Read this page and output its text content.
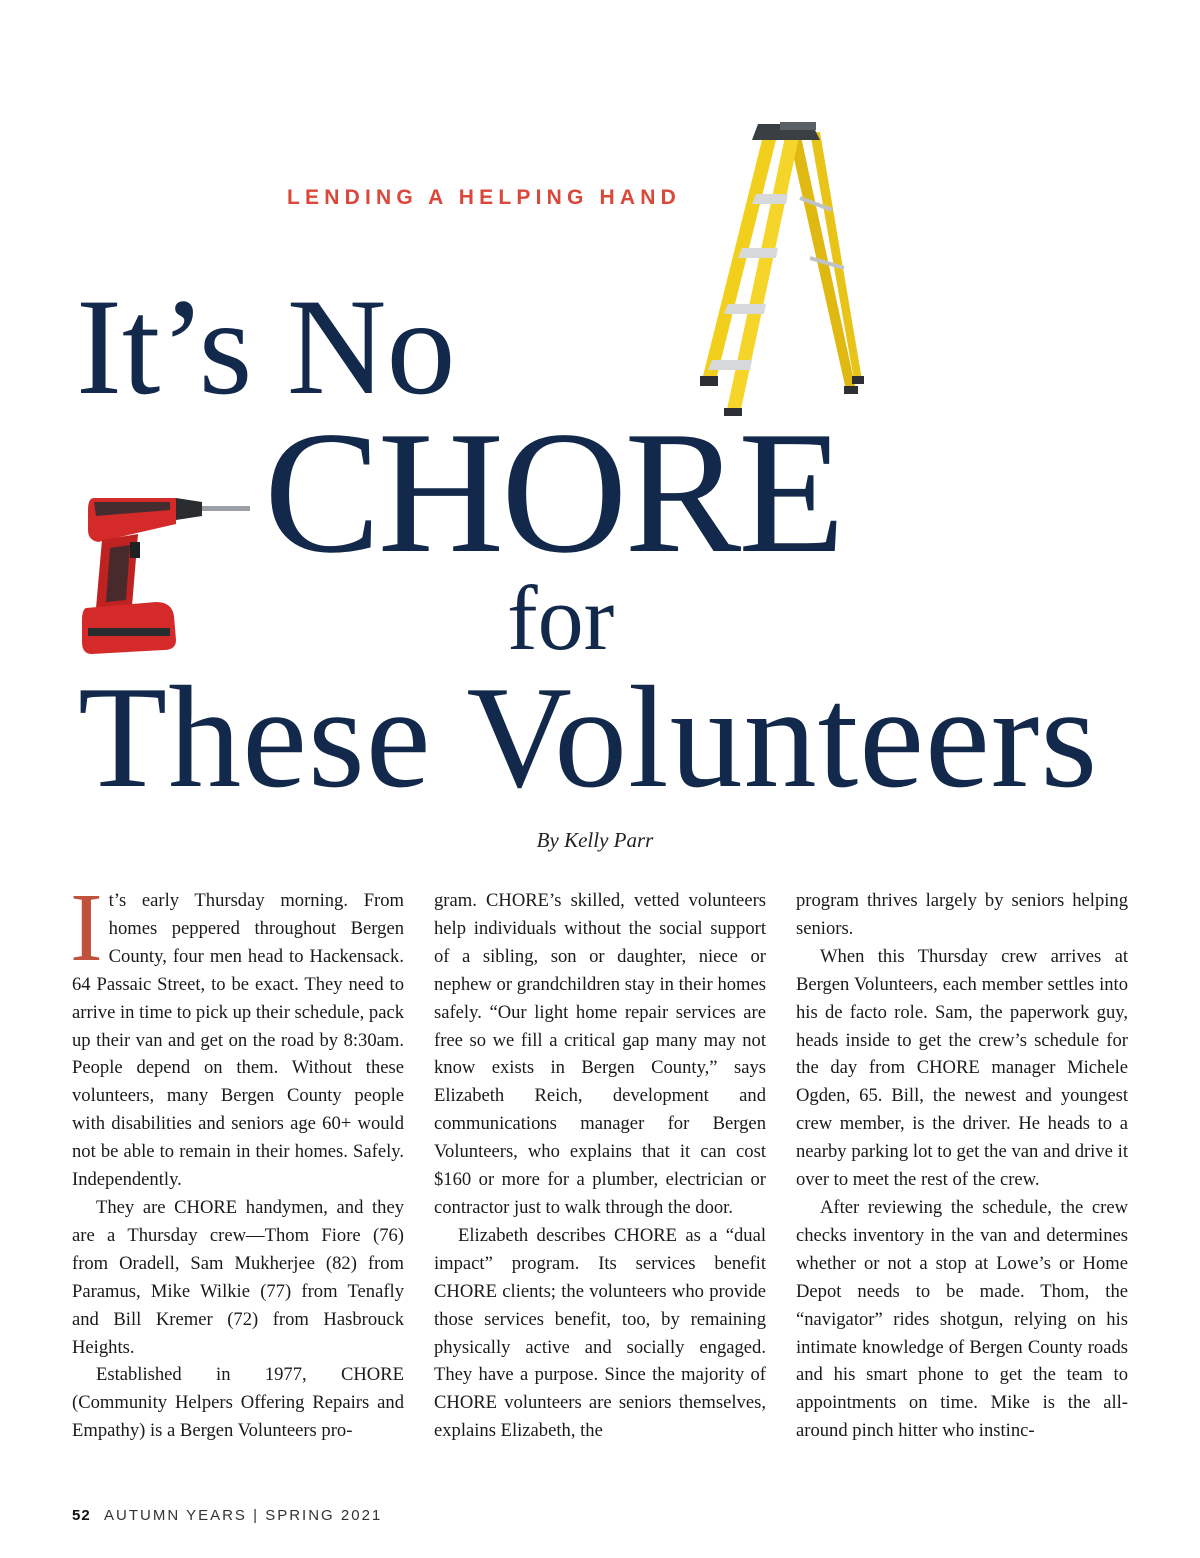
LENDING A HELPING HAND
It’s No
CHORE
for
These Volunteers
By Kelly Parr

It’s early Thursday morning. From homes peppered throughout Bergen County, four men head to Hackensack. 64 Passaic Street, to be exact. They need to arrive in time to pick up their schedule, pack up their van and get on the road by 8:30am. People depend on them. Without these volunteers, many Bergen County people with disabilities and seniors age 60+ would not be able to remain in their homes. Safely. Independently.

They are CHORE handymen, and they are a Thursday crew—Thom Fiore (76) from Oradell, Sam Mukherjee (82) from Paramus, Mike Wilkie (77) from Tenafly and Bill Kremer (72) from Hasbrouck Heights.

Established in 1977, CHORE (Community Helpers Offering Repairs and Empathy) is a Bergen Volunteers pro-

gram. CHORE’s skilled, vetted volunteers help individuals without the social support of a sibling, son or daughter, niece or nephew or grandchildren stay in their homes safely. “Our light home repair services are free so we fill a critical gap many may not know exists in Bergen County,” says Elizabeth Reich, development and communications manager for Bergen Volunteers, who explains that it can cost $160 or more for a plumber, electrician or contractor just to walk through the door.

Elizabeth describes CHORE as a “dual impact” program. Its services benefit CHORE clients; the volunteers who provide those services benefit, too, by remaining physically active and socially engaged. They have a purpose. Since the majority of CHORE volunteers are seniors themselves, explains Elizabeth, the

program thrives largely by seniors helping seniors.

When this Thursday crew arrives at Bergen Volunteers, each member settles into his de facto role. Sam, the paperwork guy, heads inside to get the crew’s schedule for the day from CHORE manager Michele Ogden, 65. Bill, the newest and youngest crew member, is the driver. He heads to a nearby parking lot to get the van and drive it over to meet the rest of the crew.

After reviewing the schedule, the crew checks inventory in the van and determines whether or not a stop at Lowe’s or Home Depot needs to be made. Thom, the “navigator” rides shotgun, relying on his intimate knowledge of Bergen County roads and his smart phone to get the team to appointments on time. Mike is the all-around pinch hitter who instinc-

52 AUTUMN YEARS | SPRING 2021
